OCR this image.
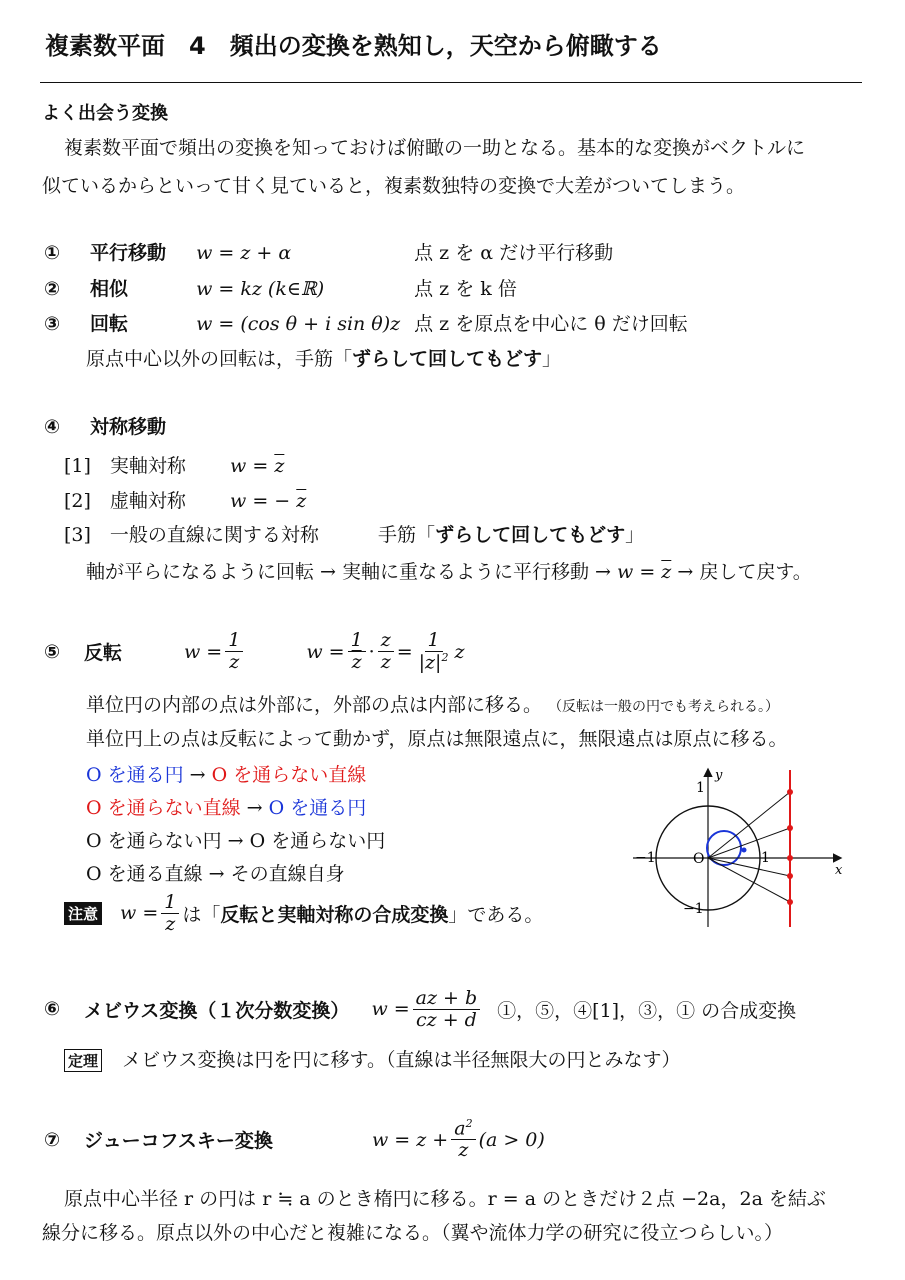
複素数平面　4　頻出の変換を熟知し，天空から俯瞰する
よく出会う変換
複素数平面で頻出の変換を知っておけば俯瞰の一助となる。基本的な変換がベクトルに
似ているからといって甘く見ていると，複素数独特の変換で大差がついてしまう。
① 平行移動 w = z + α	点 z を α だけ平行移動
② 相似	w = kz (k∈ℝ)	点 z を k 倍
③ 回転	w = (cos θ + i sin θ)z 点 z を原点を中心に θ だけ回転
原点中心以外の回転は，手筋「ずらして回してもどす」
④ 対称移動
[1]　実軸対称 $w = \overline{z}$
[2]　虚軸対称 w = − $\overline{z}$
[3]　一般の直線に関する対称	手筋「ずらして回してもどす」
軸が平らになるように回転 → 実軸に重なるように平行移動 → $w = \overline{z}$ → 戻して戻す。
⑤	反転	$w = \frac{1}{z}$	$w = \frac{1}{z} \cdot \frac{z}{z} = \frac{1}{|z|^2}$ z
単位円の内部の点は外部に，外部の点は内部に移る。 （反転は一般の円でも考えられる。）
単位円上の点は反転によって動かず，原点は無限遠点に，無限遠点は原点に移る。
O を通る円 → O を通らない直線
O を通らない直線 → O を通る円
O を通らない円 → O を通らない円
O を通る直線 → その直線自身
注意 $w = \frac{1}{z}$ は「 反転と実軸対称の合成変換 」である。
y
x
1
−1	O	1
−1
⑥	メビウス変換（１次分数変換） $w = \frac{az + b}{cz + d}$ ①，⑤，④[1]，③，① の合成変換
定理 メビウス変換は円を円に移す。（直線は半径無限大の円とみなす）
⑦	ジューコフスキー変換	$w = z + \frac{a^2}{z} (a > 0)$
原点中心半径 r の円は r ≒ a のとき楕円に移る。r = a のときだけ２点 −2a，2a を結ぶ
線分に移る。原点以外の中心だと複雑になる。（翼や流体力学の研究に役立つらしい。）
